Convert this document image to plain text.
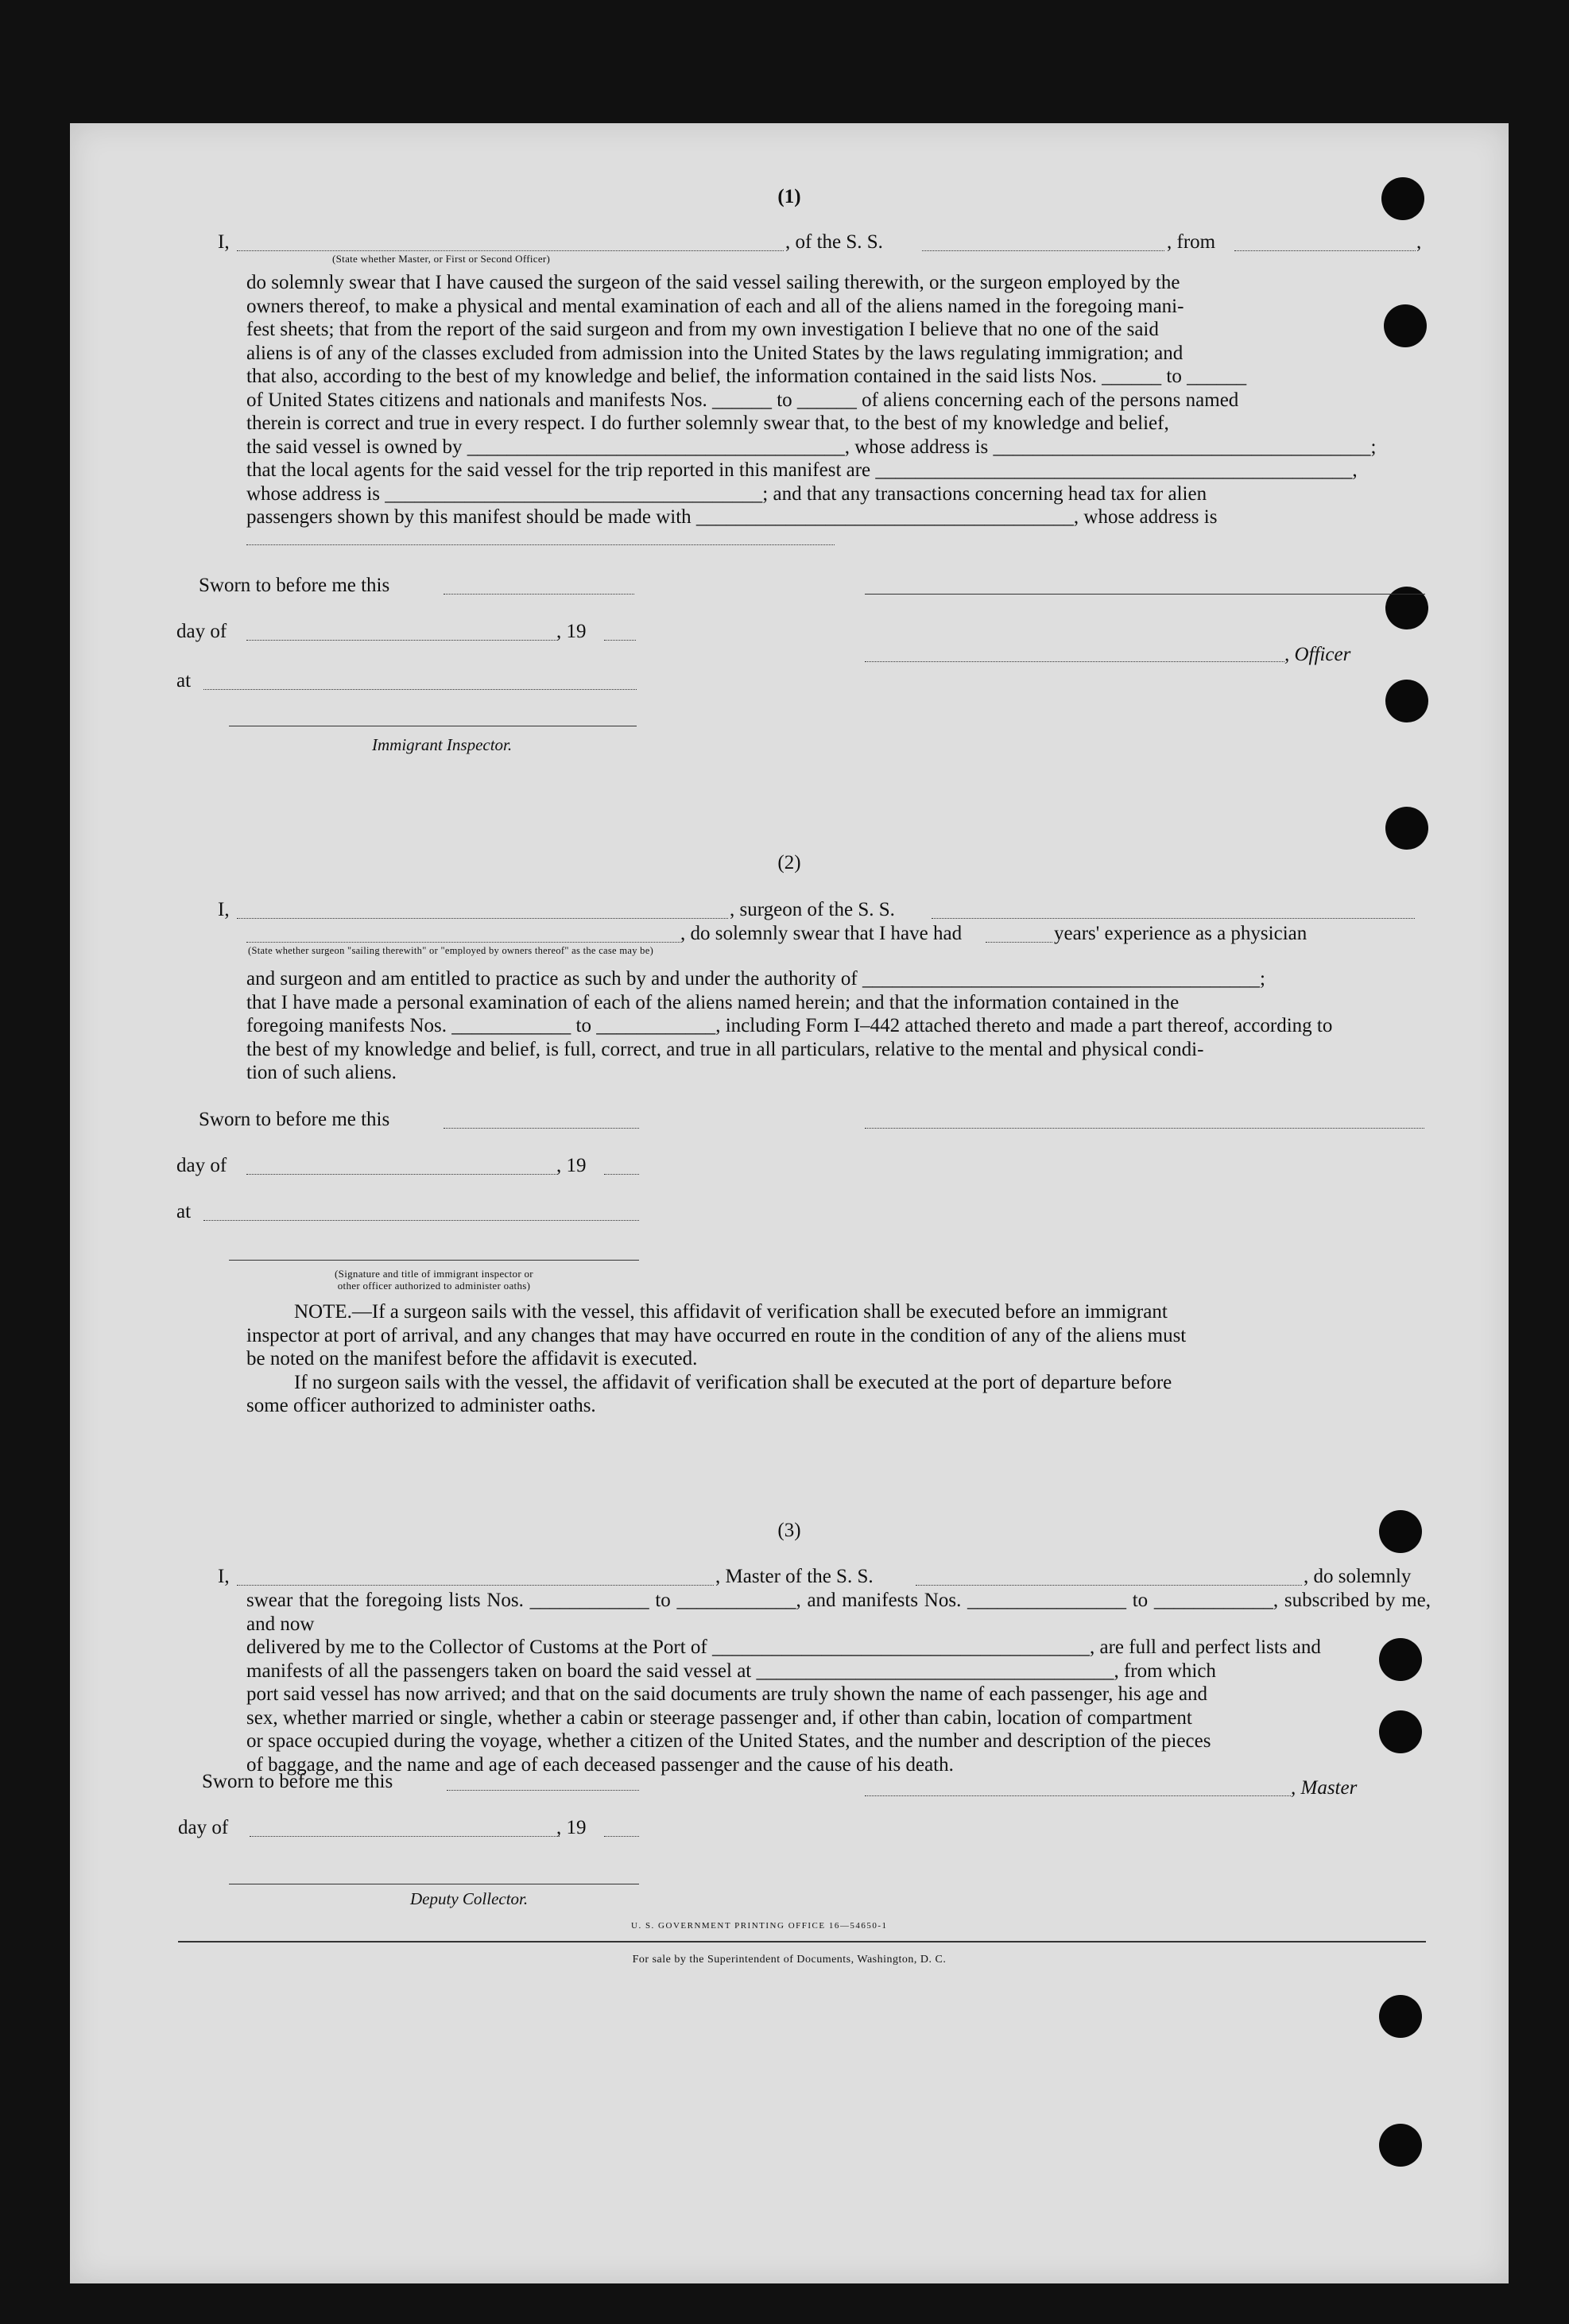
(1)
I,	, of the S. S.	, from	,
(State whether Master, or First or Second Officer)

do solemnly swear that I have caused the surgeon of the said vessel sailing therewith, or the surgeon employed by the

owners thereof, to make a physical and mental examination of each and all of the aliens named in the foregoing mani-

fest sheets; that from the report of the said surgeon and from my own investigation I believe that no one of the said

aliens is of any of the classes excluded from admission into the United States by the laws regulating immigration; and

that also, according to the best of my knowledge and belief, the information contained in the said lists Nos. ______ to ______

of United States citizens and nationals and manifests Nos. ______ to ______ of aliens concerning each of the persons named

therein is correct and true in every respect. I do further solemnly swear that, to the best of my knowledge and belief,

the said vessel is owned by ______________________________________, whose address is ______________________________________;

that the local agents for the said vessel for the trip reported in this manifest are ________________________________________________,

whose address is ______________________________________; and that any transactions concerning head tax for alien

passengers shown by this manifest should be made with ______________________________________, whose address is

Sworn to before me this
day of	, 19
, Officer
at
Immigrant Inspector.
(2)
I,	, surgeon of the S. S.
, do solemnly swear that I have had	years' experience as a physician
(State whether surgeon "sailing therewith" or "employed by owners thereof" as the case may be)

and surgeon and am entitled to practice as such by and under the authority of ________________________________________;

that I have made a personal examination of each of the aliens named herein; and that the information contained in the

foregoing manifests Nos. ____________ to ____________, including Form I–442 attached thereto and made a part thereof, according to

the best of my knowledge and belief, is full, correct, and true in all particulars, relative to the mental and physical condi-

tion of such aliens.

Sworn to before me this
day of	, 19
at
(Signature and title of immigrant inspector or
other officer authorized to administer oaths)

NOTE.—If a surgeon sails with the vessel, this affidavit of verification shall be executed before an immigrant

inspector at port of arrival, and any changes that may have occurred en route in the condition of any of the aliens must

be noted on the manifest before the affidavit is executed.

If no surgeon sails with the vessel, the affidavit of verification shall be executed at the port of departure before

some officer authorized to administer oaths.

(3)
I,	, Master of the S. S.	, do solemnly

swear that the foregoing lists Nos. ____________ to ____________, and manifests Nos. ________________ to ____________, subscribed by me, and now

delivered by me to the Collector of Customs at the Port of ______________________________________, are full and perfect lists and

manifests of all the passengers taken on board the said vessel at ____________________________________, from which

port said vessel has now arrived; and that on the said documents are truly shown the name of each passenger, his age and

sex, whether married or single, whether a cabin or steerage passenger and, if other than cabin, location of compartment

or space occupied during the voyage, whether a citizen of the United States, and the number and description of the pieces

of baggage, and the name and age of each deceased passenger and the cause of his death.

Sworn to before me this	, Master
day of	, 19
Deputy Collector.
U. S. GOVERNMENT PRINTING OFFICE 16—54650-1
For sale by the Superintendent of Documents, Washington, D. C.
